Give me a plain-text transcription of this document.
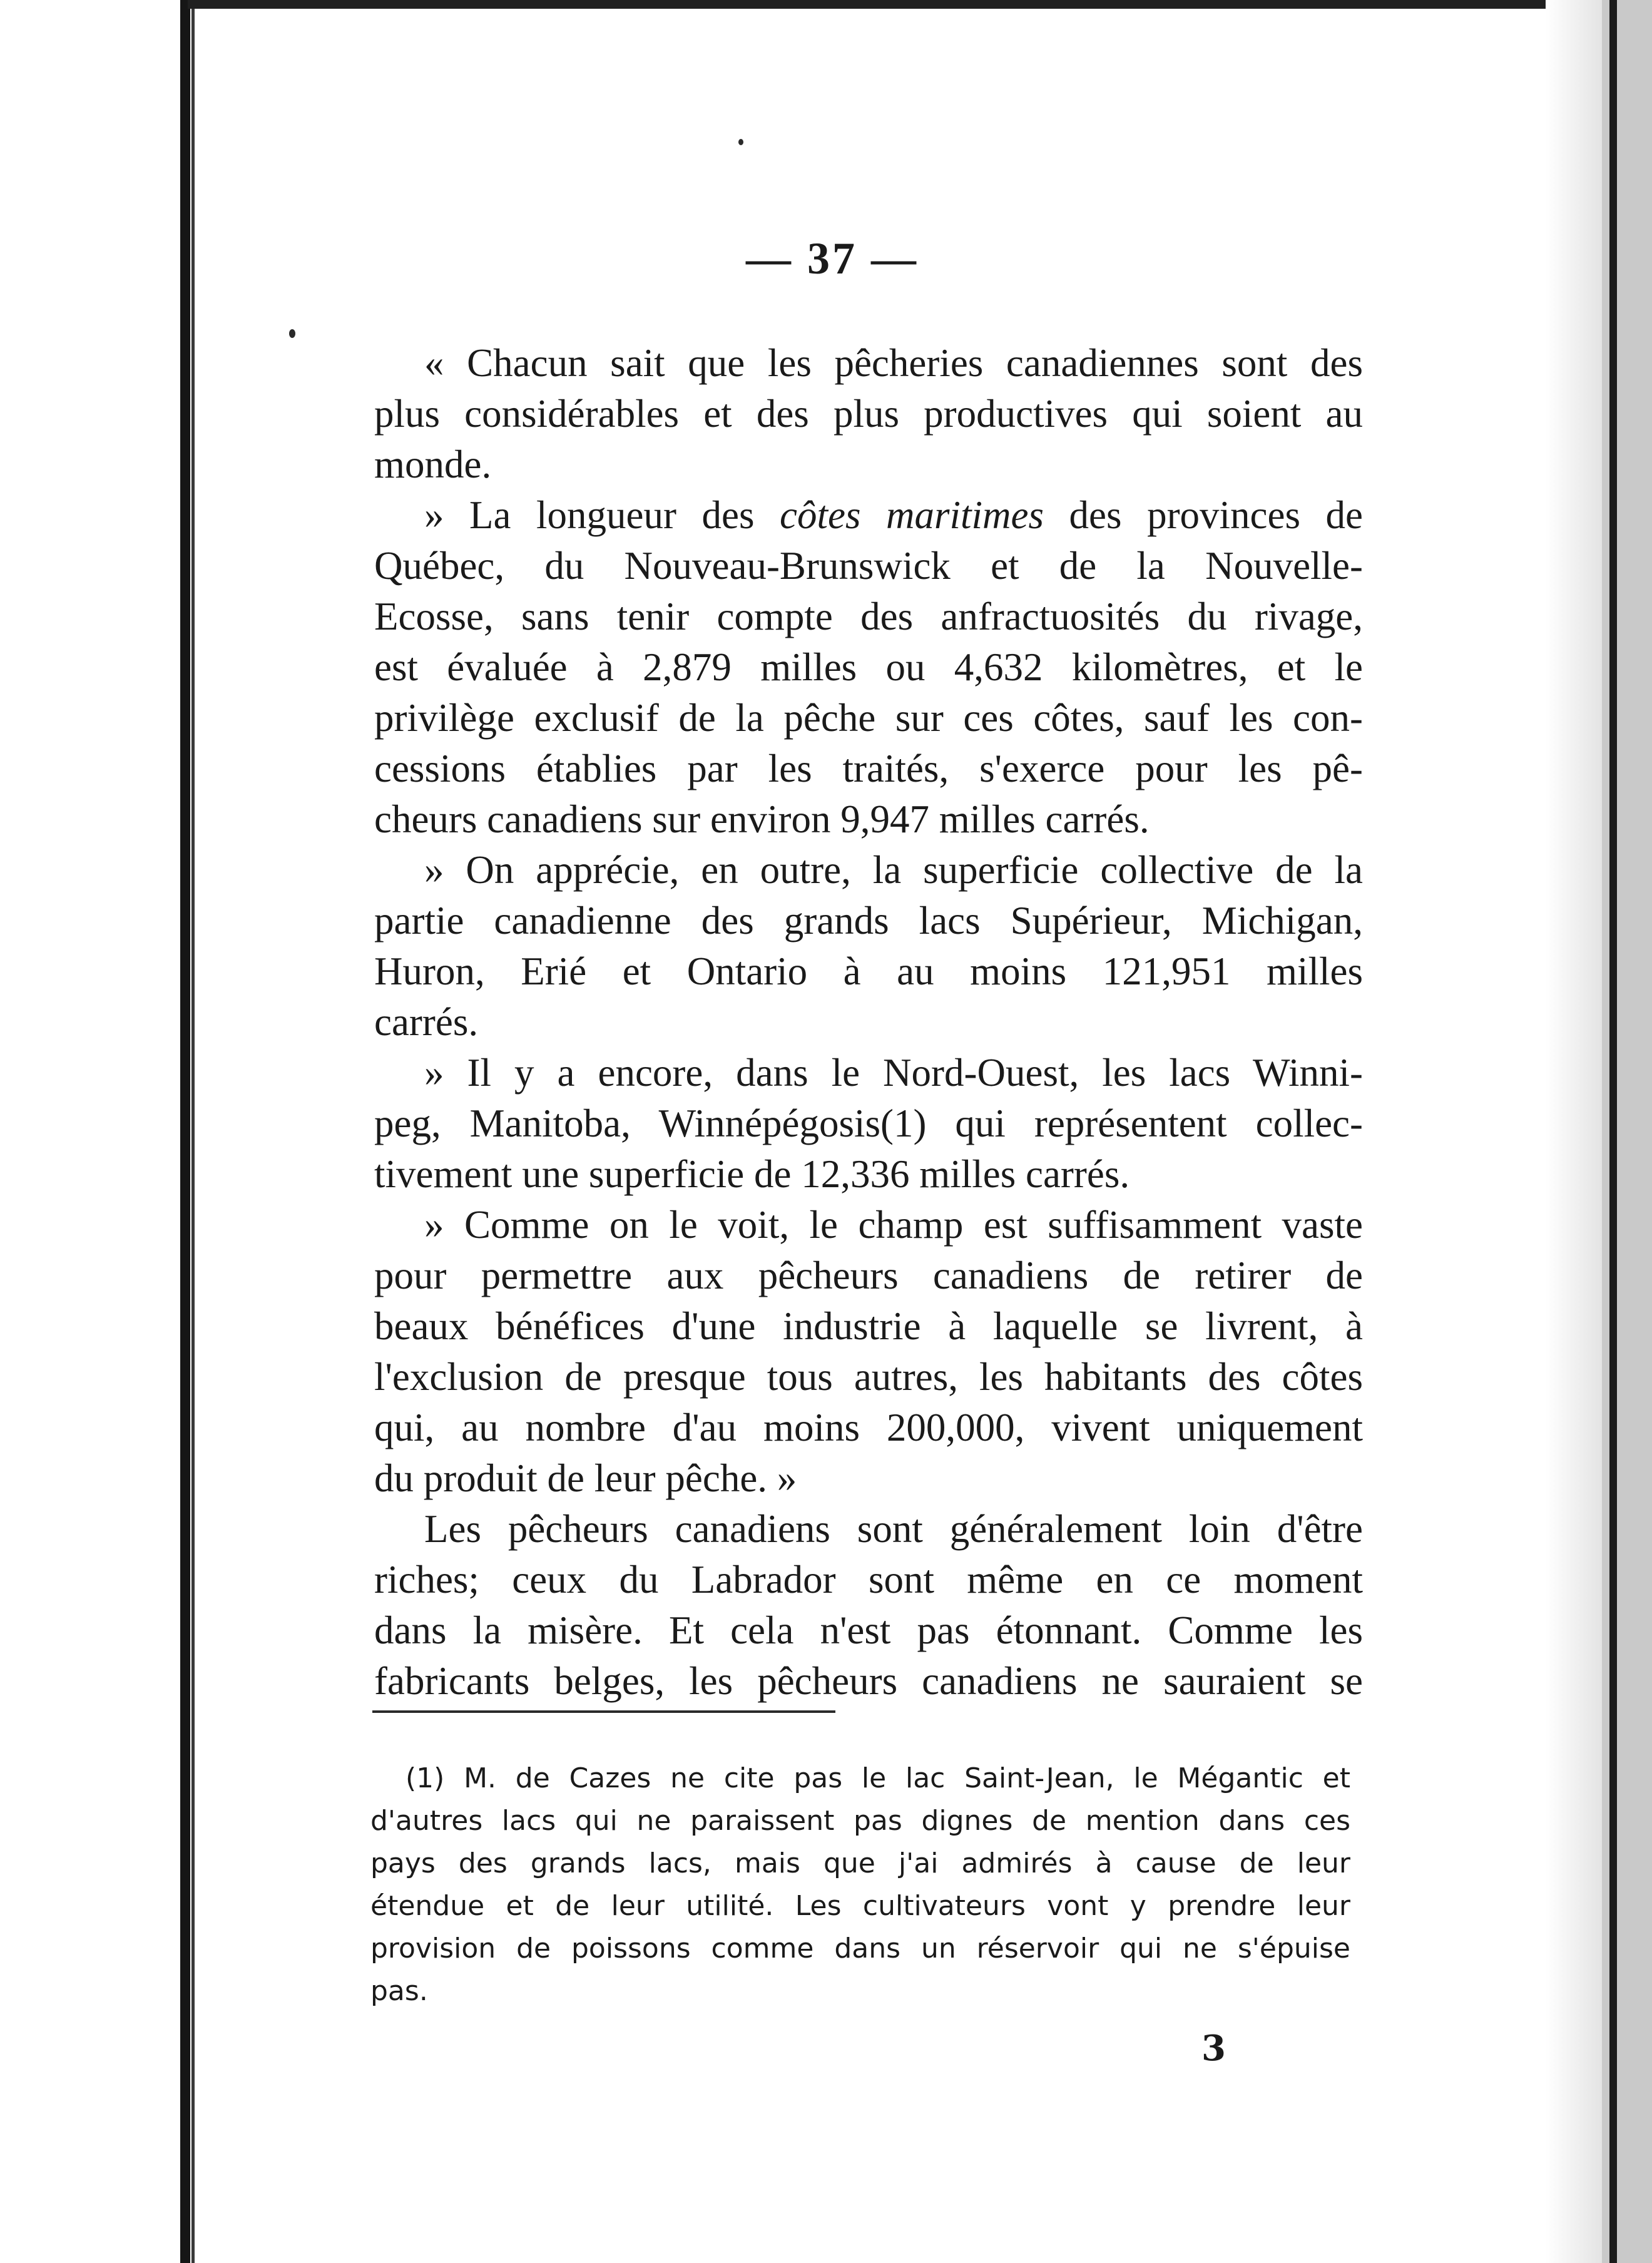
— 37 —
« Chacun sait que les pêcheries canadiennes sont des
plus considérables et des plus productives qui soient au
monde.
» La longueur des côtes maritimes des provinces de
Québec, du Nouveau-Brunswick et de la Nouvelle-
Ecosse, sans tenir compte des anfractuosités du rivage,
est évaluée à 2,879 milles ou 4,632 kilomètres, et le
privilège exclusif de la pêche sur ces côtes, sauf les con-
cessions établies par les traités, s'exerce pour les pê-
cheurs canadiens sur environ 9,947 milles carrés.
» On apprécie, en outre, la superficie collective de la
partie canadienne des grands lacs Supérieur, Michigan,
Huron, Erié et Ontario à au moins 121,951 milles
carrés.
» Il y a encore, dans le Nord-Ouest, les lacs Winni-
peg, Manitoba, Winnépégosis(1) qui représentent collec-
tivement une superficie de 12,336 milles carrés.
» Comme on le voit, le champ est suffisamment vaste
pour permettre aux pêcheurs canadiens de retirer de
beaux bénéfices d'une industrie à laquelle se livrent, à
l'exclusion de presque tous autres, les habitants des côtes
qui, au nombre d'au moins 200,000, vivent uniquement
du produit de leur pêche. »
Les pêcheurs canadiens sont généralement loin d'être
riches; ceux du Labrador sont même en ce moment
dans la misère. Et cela n'est pas étonnant. Comme les
fabricants belges, les pêcheurs canadiens ne sauraient se
(1) M. de Cazes ne cite pas le lac Saint-Jean, le Mégantic et
d'autres lacs qui ne paraissent pas dignes de mention dans ces
pays des grands lacs, mais que j'ai admirés à cause de leur
étendue et de leur utilité. Les cultivateurs vont y prendre leur
provision de poissons comme dans un réservoir qui ne s'épuise
pas.
3
